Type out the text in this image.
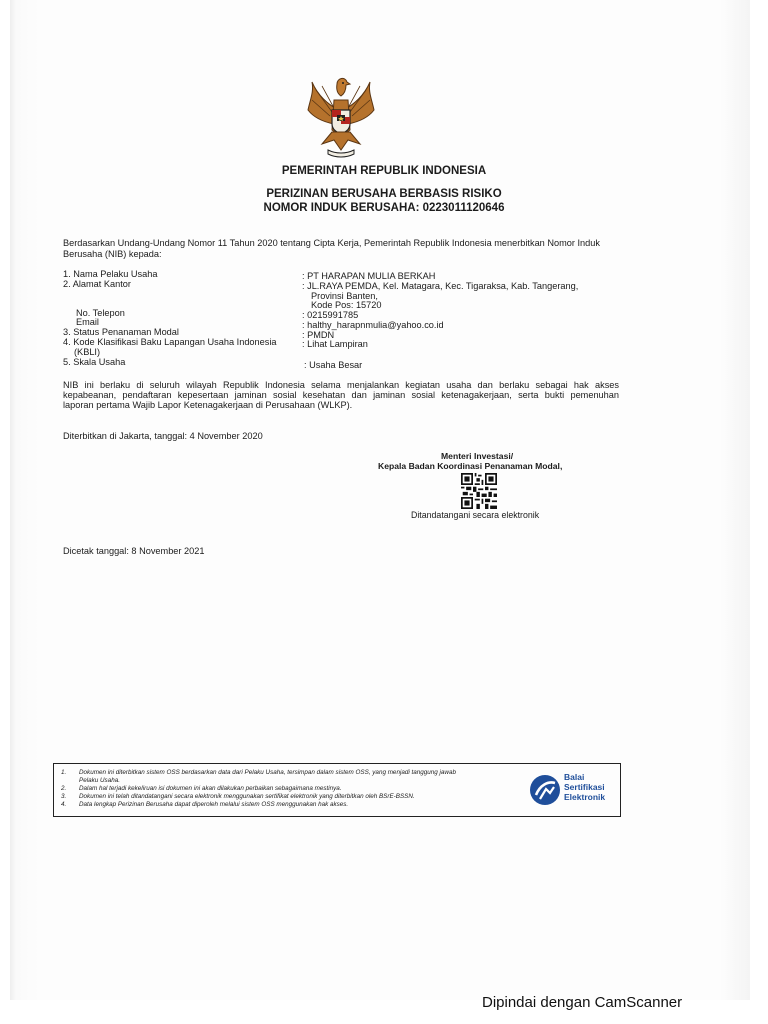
PEMERINTAH REPUBLIK INDONESIA
PERIZINAN BERUSAHA BERBASIS RISIKO
NOMOR INDUK BERUSAHA: 0223011120646
Berdasarkan Undang-Undang Nomor 11 Tahun 2020 tentang Cipta Kerja, Pemerintah Republik Indonesia menerbitkan Nomor Induk
Berusaha (NIB) kepada:
1. Nama Pelaku Usaha	: PT HARAPAN MULIA BERKAH
2. Alamat Kantor	: JL.RAYA PEMDA, Kel. Matagara, Kec. Tigaraksa, Kab. Tangerang,
Provinsi Banten,
Kode Pos: 15720
No. Telepon	: 0215991785
Email	: halthy_harapnmulia@yahoo.co.id
3. Status Penanaman Modal	: PMDN
4. Kode Klasifikasi Baku Lapangan Usaha Indonesia
(KBLI)
: Lihat Lampiran
5. Skala Usaha	: Usaha Besar
NIB ini berlaku di seluruh wilayah Republik Indonesia selama menjalankan kegiatan usaha dan berlaku sebagai hak akses
kepabeanan, pendaftaran kepesertaan jaminan sosial kesehatan dan jaminan sosial ketenagakerjaan, serta bukti pemenuhan
laporan pertama Wajib Lapor Ketenagakerjaan di Perusahaan (WLKP).
Diterbitkan di Jakarta, tanggal: 4 November 2020
Menteri Investasi/
Kepala Badan Koordinasi Penanaman Modal,
Ditandatangani secara elektronik
Dicetak tanggal: 8 November 2021
1. Dokumen ini diterbitkan sistem OSS berdasarkan data dari Pelaku Usaha, tersimpan dalam sistem OSS, yang menjadi tanggung jawab
Pelaku Usaha.
2. Dalam hal terjadi kekeliruan isi dokumen ini akan dilakukan perbaikan sebagaimana mestinya.
3. Dokumen ini telah ditandatangani secara elektronik menggunakan sertifikat elektronik yang diterbitkan oleh BSrE-BSSN.
4. Data lengkap Perizinan Berusaha dapat diperoleh melalui sistem OSS menggunakan hak akses.
Balai
Sertifikasi
Elektronik
Dipindai dengan CamScanner
